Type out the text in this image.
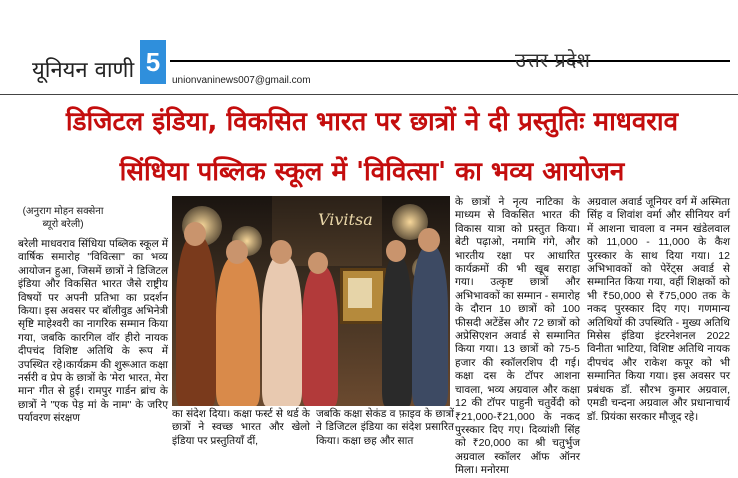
यूनियन वाणी 5
unionvaninews007@gmail.com
उत्तर प्रदेश
डिजिटल इंडिया, विकसित भारत पर छात्रों ने दी प्रस्तुतिः माधवराव
सिंधिया पब्लिक स्कूल में 'विवित्सा' का भव्य आयोजन
(अनुराग मोहन सक्सेना ब्यूरो बरेली)
बरेली माधवराव सिंधिया पब्लिक स्कूल में वार्षिक समारोह "विवित्सा" का भव्य आयोजन हुआ, जिसमें छात्रों ने डिजिटल इंडिया और विकसित भारत जैसे राष्ट्रीय विषयों पर अपनी प्रतिभा का प्रदर्शन किया। इस अवसर पर बॉलीवुड अभिनेत्री सृष्टि माहेश्वरी का नागरिक सम्मान किया गया, जबकि कारगिल वॉर हीरो नायक दीपचंद विशिष्ट अतिथि के रूप में उपस्थित रहे।कार्यक्रम की शुरूआत कक्षा नर्सरी व प्रेप के छात्रों के 'मेरा भारत, मेरा मान' गीत से हुई। रामपुर गार्डन ब्रांच के छात्रों ने "एक पेड़ मां के नाम" के जरिए पर्यावरण संरक्षण
Vivitsa
का संदेश दिया। कक्षा फर्स्ट से थर्ड के छात्रों ने स्वच्छ भारत और खेलो इंडिया पर प्रस्तुतियाँ दीं,
जबकि कक्षा सेकंड व फ़ाइव के छात्रों ने डिजिटल इंडिया का संदेश प्रसारित किया। कक्षा छह और सात
के छात्रों ने नृत्य नाटिका के माध्यम से विकसित भारत की विकास यात्रा को प्रस्तुत किया। बेटी पढ़ाओ, नमामि गंगे, और भारतीय रक्षा पर आधारित कार्यक्रमों की भी खूब सराहा गया। उत्कृष्ट छात्रों और अभिभावकों का सम्मान - समारोह के दौरान 10 छात्रों को 100 फीसदी अटेंडेंस और 72 छात्रों को अप्रेसिएशन अवार्ड से सम्मानित किया गया। 13 छात्रों को 75-5 हजार की स्कॉलरशिप दी गई। कक्षा दस के टॉपर आशना चावला, भव्य अग्रवाल और कक्षा 12 की टॉपर पाहुनी चतुर्वेदी को ₹21,000-₹21,000 के नकद पुरस्कार दिए गए। दिव्यांशी सिंह को ₹20,000 का श्री चतुर्भुज अग्रवाल स्कॉलर ऑफ ऑनर मिला। मनोरमा
अग्रवाल अवार्ड जूनियर वर्ग में अस्मिता सिंह व शिवांश वर्मा और सीनियर वर्ग में आशना चावला व नमन खंडेलवाल को 11,000 - 11,000 के कैश पुरस्कार के साथ दिया गया। 12 अभिभावकों को पेरेंट्स अवार्ड से सम्मानित किया गया, वहीं शिक्षकों को भी ₹50,000 से ₹75,000 तक के नकद पुरस्कार दिए गए। गणमान्य अतिथियों की उपस्थिति - मुख्य अतिथि मिसेस इंडिया इंटरनेशनल 2022 विनीता भाटिया, विशिष्ट अतिथि नायक दीपचंद और राकेश कपूर को भी सम्मानित किया गया। इस अवसर पर प्रबंधक डॉ. सौरभ कुमार अग्रवाल, एमडी चन्दना अग्रवाल और प्रधानाचार्य डॉ. प्रियंका सरकार मौजूद रहे।
